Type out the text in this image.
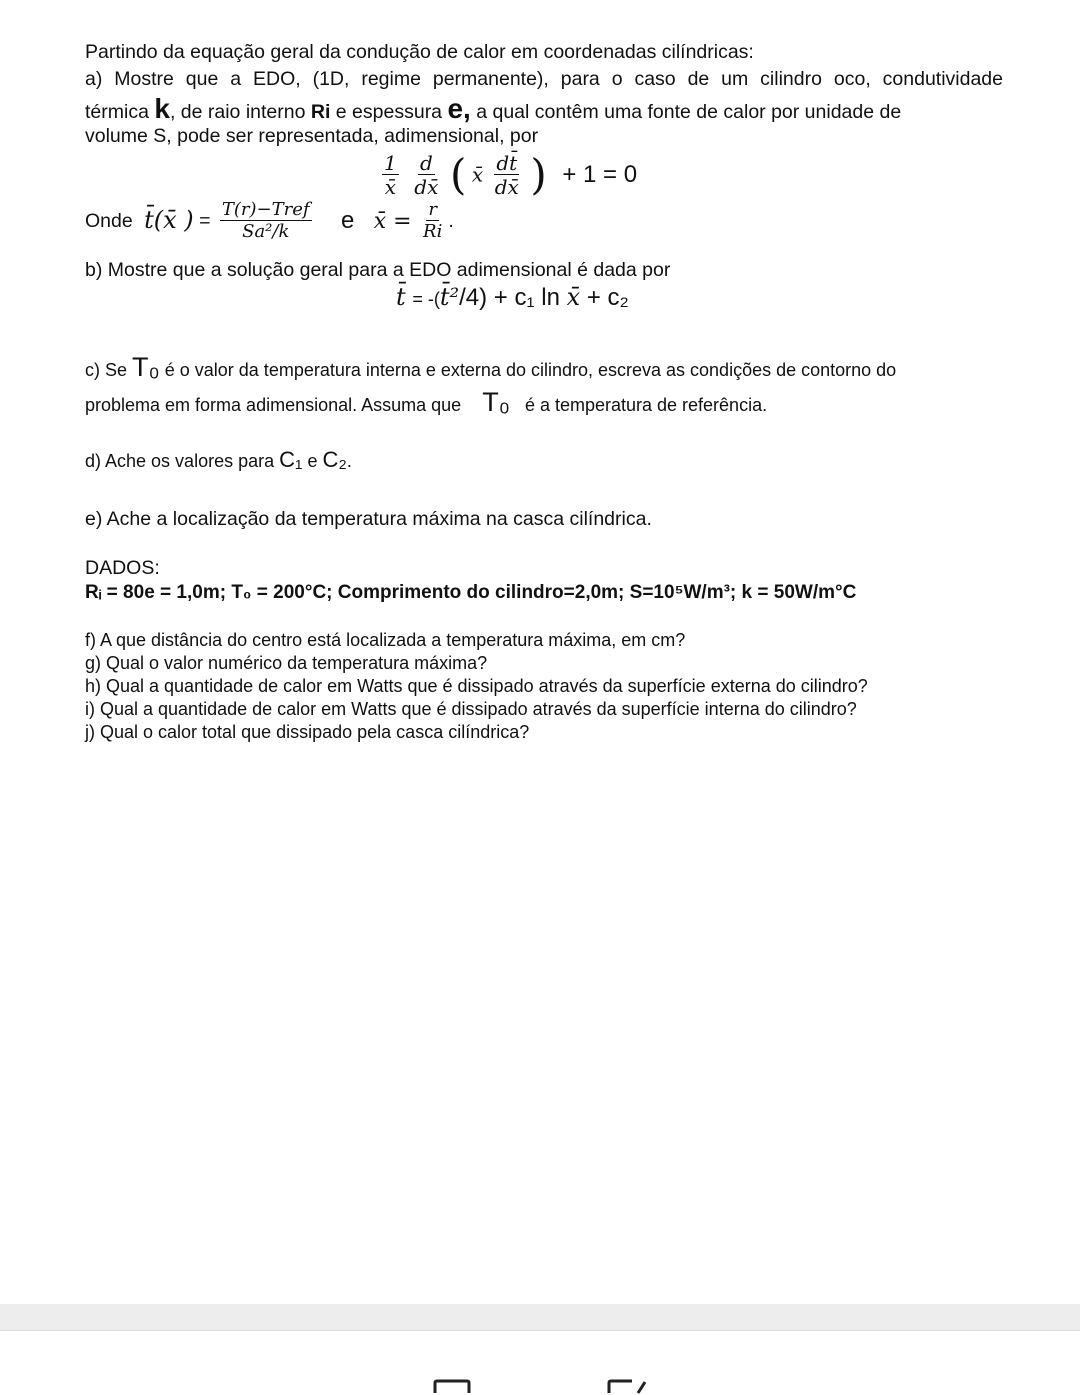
Partindo da equação geral da condução de calor em coordenadas cilíndricas:
a) Mostre que a EDO, (1D, regime permanente), para o caso de um cilindro oco, condutividade
térmica k, de raio interno Ri e espessura e, a qual contêm uma fonte de calor por unidade de
volume S, pode ser representada, adimensional, por
$\frac{1}{x̄}$
$\frac{d}{dx̄}$ ( x̄ $\frac{dt̄}{dx̄}$ ) + 1 = 0
Onde t̄(x̄ ) = $\frac{\text{T(r)−Tref}}{\text{Sa²/k}}$ e x̄ = $\frac{r}{Ri}$ .
b) Mostre que a solução geral para a EDO adimensional é dada por
t̄ = -(t̄²/4) + c₁ ln x̄ + c₂
c) Se T₀ é o valor da temperatura interna e externa do cilindro, escreva as condições de contorno do
problema em forma adimensional. Assuma que T₀ é a temperatura de referência.
d) Ache os valores para C₁ e C₂.
e) Ache a localização da temperatura máxima na casca cilíndrica.
DADOS:
Rᵢ = 80e = 1,0m; T₀ = 200°C; Comprimento do cilindro=2,0m; S=10⁵W/m³; k = 50W/m°C
f) A que distância do centro está localizada a temperatura máxima, em cm?
g) Qual o valor numérico da temperatura máxima?
h) Qual a quantidade de calor em Watts que é dissipado através da superfície externa do cilindro?
i) Qual a quantidade de calor em Watts que é dissipado através da superfície interna do cilindro?
j) Qual o calor total que dissipado pela casca cilíndrica?
